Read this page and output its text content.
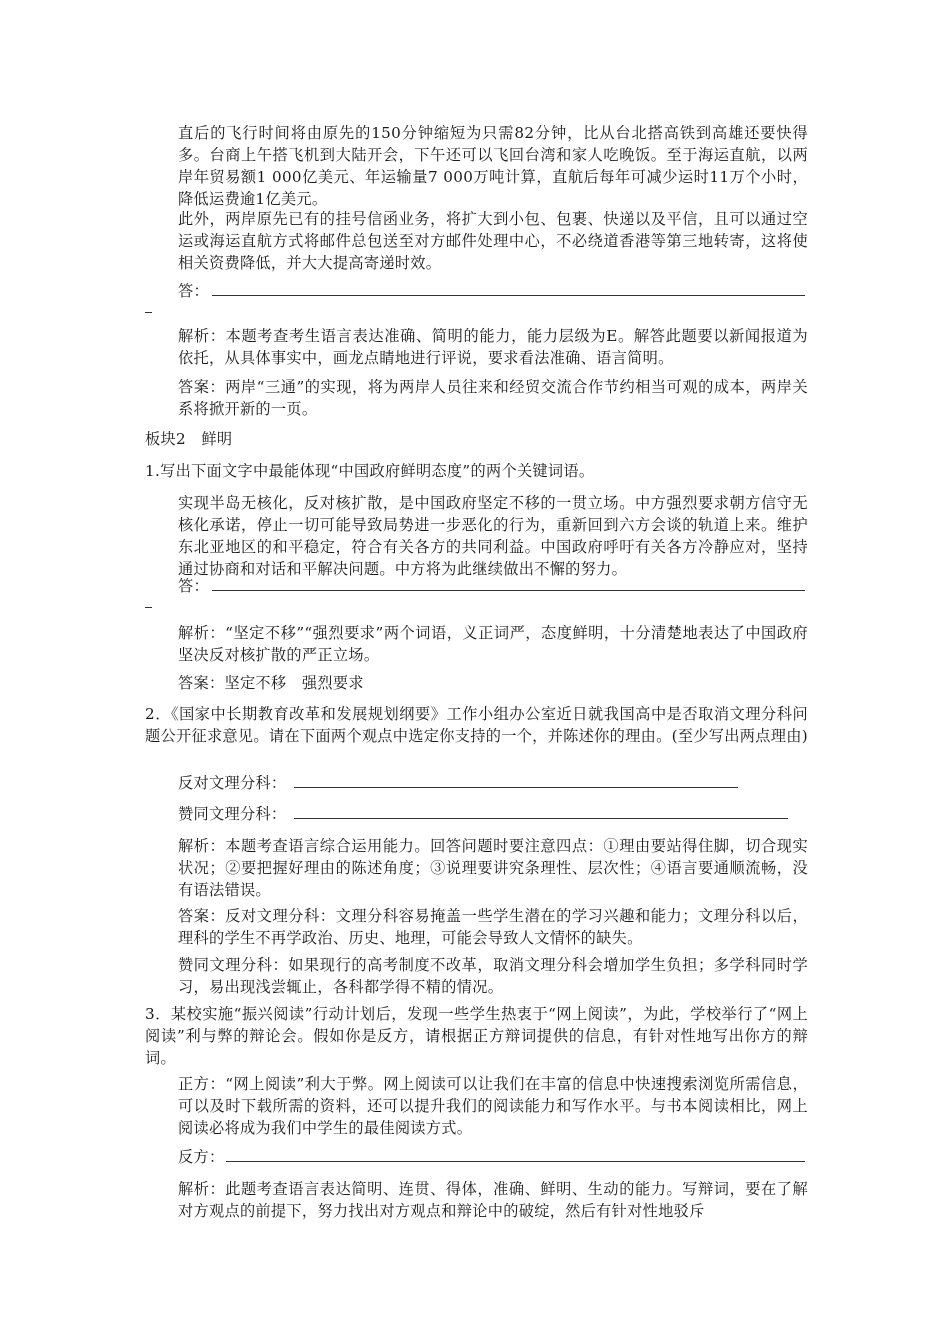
直后的飞行时间将由原先的150分钟缩短为只需82分钟，比从台北搭高铁到高雄还要快得多。台商上午搭飞机到大陆开会，下午还可以飞回台湾和家人吃晚饭。至于海运直航，以两岸年贸易额1 000亿美元、年运输量7 000万吨计算，直航后每年可减少运时11万个小时，降低运费逾1亿美元。

此外，两岸原先已有的挂号信函业务，将扩大到小包、包裹、快递以及平信，且可以通过空运或海运直航方式将邮件总包送至对方邮件处理中心，不必绕道香港等第三地转寄，这将使相关资费降低，并大大提高寄递时效。

答：

解析：本题考查考生语言表达准确、简明的能力，能力层级为E。解答此题要以新闻报道为依托，从具体事实中，画龙点睛地进行评说，要求看法准确、语言简明。

答案：两岸“三通”的实现，将为两岸人员往来和经贸交流合作节约相当可观的成本，两岸关系将掀开新的一页。

板块2　鲜明

1.写出下面文字中最能体现“中国政府鲜明态度”的两个关键词语。

实现半岛无核化，反对核扩散，是中国政府坚定不移的一贯立场。中方强烈要求朝方信守无核化承诺，停止一切可能导致局势进一步恶化的行为，重新回到六方会谈的轨道上来。维护东北亚地区的和平稳定，符合有关各方的共同利益。中国政府呼吁有关各方冷静应对，坚持通过协商和对话和平解决问题。中方将为此继续做出不懈的努力。

答：

解析：“坚定不移”“强烈要求”两个词语，义正词严，态度鲜明，十分清楚地表达了中国政府坚决反对核扩散的严正立场。

答案：坚定不移　强烈要求

2．《国家中长期教育改革和发展规划纲要》工作小组办公室近日就我国高中是否取消文理分科问题公开征求意见。请在下面两个观点中选定你支持的一个，并陈述你的理由。(至少写出两点理由)

反对文理分科：

赞同文理分科：

解析：本题考查语言综合运用能力。回答问题时要注意四点：①理由要站得住脚，切合现实状况；②要把握好理由的陈述角度；③说理要讲究条理性、层次性；④语言要通顺流畅，没有语法错误。

答案：反对文理分科：文理分科容易掩盖一些学生潜在的学习兴趣和能力；文理分科以后，理科的学生不再学政治、历史、地理，可能会导致人文情怀的缺失。

赞同文理分科：如果现行的高考制度不改革，取消文理分科会增加学生负担；多学科同时学习，易出现浅尝辄止，各科都学得不精的情况。

3．某校实施“振兴阅读”行动计划后，发现一些学生热衷于“网上阅读”，为此，学校举行了“网上阅读”利与弊的辩论会。假如你是反方，请根据正方辩词提供的信息，有针对性地写出你方的辩词。

正方：“网上阅读”利大于弊。网上阅读可以让我们在丰富的信息中快速搜索浏览所需信息，可以及时下载所需的资料，还可以提升我们的阅读能力和写作水平。与书本阅读相比，网上阅读必将成为我们中学生的最佳阅读方式。

反方：

解析：此题考查语言表达简明、连贯、得体，准确、鲜明、生动的能力。写辩词，要在了解对方观点的前提下，努力找出对方观点和辩论中的破绽，然后有针对性地驳斥
